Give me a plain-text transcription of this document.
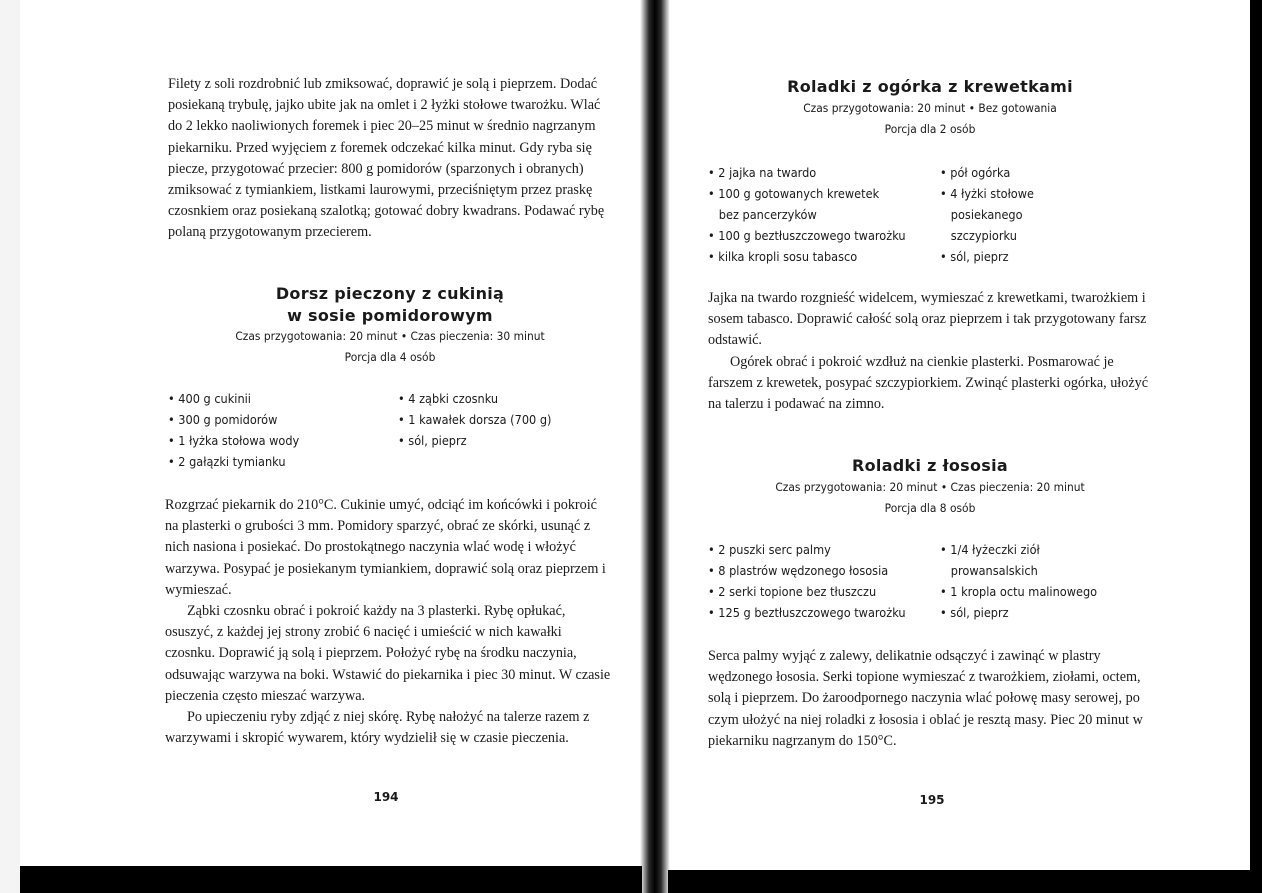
Filety z soli rozdrobnić lub zmiksować, doprawić je solą i pieprzem. Dodać posiekaną trybulę, jajko ubite jak na omlet i 2 łyżki stołowe twarożku. Wlać do 2 lekko naoliwionych foremek i piec 20–25 minut w średnio nagrzanym piekarniku. Przed wyjęciem z foremek odczekać kilka minut. Gdy ryba się piecze, przygotować przecier: 800 g pomidorów (sparzonych i obranych) zmiksować z tymiankiem, listkami laurowymi, przeciśniętym przez praskę czosnkiem oraz posiekaną szalotką; gotować dobry kwadrans. Podawać rybę polaną przygotowanym przecierem.

Dorsz pieczony z cukinią
w sosie pomidorowym
Czas przygotowania: 20 minut • Czas pieczenia: 30 minut
Porcja dla 4 osób
• 400 g cukinii
• 300 g pomidorów
• 1 łyżka stołowa wody
• 2 gałązki tymianku
• 4 ząbki czosnku
• 1 kawałek dorsza (700 g)
• sól, pieprz

Rozgrzać piekarnik do 210°C. Cukinie umyć, odciąć im końcówki i pokroić na plasterki o grubości 3 mm. Pomidory sparzyć, obrać ze skórki, usunąć z nich nasiona i posiekać. Do prostokątnego naczynia wlać wodę i włożyć warzywa. Posypać je posiekanym tymiankiem, doprawić solą oraz pieprzem i wymieszać.

Ząbki czosnku obrać i pokroić każdy na 3 plasterki. Rybę opłukać, osuszyć, z każdej jej strony zrobić 6 nacięć i umieścić w nich kawałki czosnku. Doprawić ją solą i pieprzem. Położyć rybę na środku naczynia, odsuwając warzywa na boki. Wstawić do piekarnika i piec 30 minut. W czasie pieczenia często mieszać warzywa.

Po upieczeniu ryby zdjąć z niej skórę. Rybę nałożyć na talerze razem z warzywami i skropić wywarem, który wydzielił się w czasie pieczenia.

194
Roladki z ogórka z krewetkami
Czas przygotowania: 20 minut • Bez gotowania
Porcja dla 2 osób
• 2 jajka na twardo
• 100 g gotowanych krewetek
bez pancerzyków
• 100 g beztłuszczowego twarożku
• kilka kropli sosu tabasco
• pół ogórka
• 4 łyżki stołowe
posiekanego
szczypiorku
• sól, pieprz

Jajka na twardo rozgnieść widelcem, wymieszać z krewetkami, twarożkiem i sosem tabasco. Doprawić całość solą oraz pieprzem i tak przygotowany farsz odstawić.

Ogórek obrać i pokroić wzdłuż na cienkie plasterki. Posmarować je farszem z krewetek, posypać szczypiorkiem. Zwinąć plasterki ogórka, ułożyć na talerzu i podawać na zimno.

Roladki z łososia
Czas przygotowania: 20 minut • Czas pieczenia: 20 minut
Porcja dla 8 osób
• 2 puszki serc palmy
• 8 plastrów wędzonego łososia
• 2 serki topione bez tłuszczu
• 125 g beztłuszczowego twarożku
• 1/4 łyżeczki ziół
prowansalskich
• 1 kropla octu malinowego
• sól, pieprz

Serca palmy wyjąć z zalewy, delikatnie odsączyć i zawinąć w plastry wędzonego łososia. Serki topione wymieszać z twarożkiem, ziołami, octem, solą i pieprzem. Do żaroodpornego naczynia wlać połowę masy serowej, po czym ułożyć na niej roladki z łososia i oblać je resztą masy. Piec 20 minut w piekarniku nagrzanym do 150°C.

195
